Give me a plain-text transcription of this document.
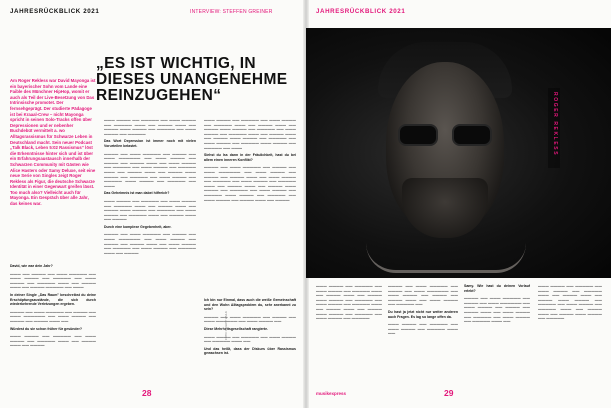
JAHRESRÜCKBLICK 2021	INTERVIEW: STEFFEN GREINER
„ES IST WICHTIG, IN DIESES UNANGENEHME REINZUGEHEN“
Am Roger Rekless war David Mayonga ist ein bayerischer Sohn vom Lande eine Faible des Münchner HipHop, womit er auch als Teil der Live-Besetzung von Das Intrinsische promotet. Der fernsehgeprägt. Der studierte Pädagoge ist bei Kraaal-Crew – nicht Mayonga spricht in seinen Solo-Tracks offen über Depressionen und er nebenher Buchdebüt vermittelt a. wo Alltagsrassismus für Schwarze Leben in Deutschland macht. Sein neuer Podcast „Talk Black, Leben 5:02 Rassismus“ löst die Erkenntnisse hinter sich und ist über ein Erfahrungsaustausch innerhalb der Schwarzen Community mit Gästen wie Alice Hasters oder Samy Deluxe, seit eine neue Serie von Singles zeigt Roger Rekless als Figur, die deutsche Schwarze Identität in einer Gegenwart greifen lässt. Too much also? Vielleicht auch für Mayonga. Ein Gespräch über alle Jahr, das keines war.
David, wie war dein Jahr?
▬▬▬ ▬▬ ▬▬▬▬ ▬▬ ▬▬▬ ▬▬▬▬▬ ▬▬ ▬▬▬ ▬▬▬▬ ▬▬ ▬▬▬▬▬ ▬▬ ▬▬▬ ▬▬▬▬ ▬▬ ▬▬▬▬▬ ▬▬▬ ▬▬ ▬▬▬▬ ▬▬▬ ▬▬ ▬▬▬▬ ▬▬▬▬▬ ▬▬ ▬▬▬
In deiner Single „Das Raum" beschreibst du deine Erschöpfungszustände, die sich durch wiederkehrende Verletzungen ergeben.
▬▬▬▬ ▬▬ ▬▬▬ ▬▬▬▬▬ ▬▬ ▬▬▬▬ ▬▬ ▬▬▬ ▬▬▬▬▬▬ ▬▬ ▬▬▬ ▬▬▬▬ ▬▬ ▬▬▬▬ ▬▬ ▬▬▬▬ ▬▬▬ ▬▬
Würdest du sie schon früher für gesünder?
▬▬▬ ▬▬▬▬ ▬▬ ▬▬▬▬▬ ▬▬ ▬▬▬ ▬▬▬▬ ▬▬ ▬▬▬▬▬ ▬▬▬ ▬▬ ▬▬▬▬ ▬▬▬ ▬▬ ▬▬▬▬
▬▬▬ ▬▬▬▬ ▬▬ ▬▬▬▬▬ ▬▬ ▬▬▬ ▬▬▬▬ ▬▬ ▬▬▬▬▬ ▬▬▬ ▬▬ ▬▬▬▬ ▬▬▬ ▬▬ ▬▬▬▬ ▬▬▬ ▬▬▬▬ ▬▬ ▬▬▬▬▬ ▬▬ ▬▬▬ ▬▬▬▬ ▬▬ ▬▬▬▬▬
Das Wort Depression ist immer noch mit vielen Vorurteilen belastet.
▬▬▬▬ ▬▬ ▬▬▬ ▬▬▬▬▬ ▬▬ ▬▬▬▬ ▬▬ ▬▬▬ ▬▬▬▬▬▬ ▬▬ ▬▬▬ ▬▬▬▬ ▬▬ ▬▬▬▬ ▬▬ ▬▬▬▬ ▬▬▬ ▬▬ ▬▬▬ ▬▬▬▬ ▬▬ ▬▬▬▬▬ ▬▬ ▬▬▬ ▬▬▬▬ ▬▬ ▬▬▬▬▬ ▬▬▬ ▬▬ ▬▬▬▬ ▬▬▬ ▬▬ ▬▬▬▬ ▬▬▬ ▬▬▬▬ ▬▬ ▬▬▬▬▬ ▬▬ ▬▬▬ ▬▬▬▬ ▬▬ ▬▬▬▬▬ ▬▬▬ ▬▬▬▬ ▬▬ ▬▬▬▬▬ ▬▬ ▬▬▬
Das Geheimnis ist man dabei hilfreich?
▬▬▬ ▬▬▬▬ ▬▬ ▬▬▬▬▬ ▬▬ ▬▬▬ ▬▬▬▬ ▬▬ ▬▬▬▬▬ ▬▬▬ ▬▬ ▬▬▬▬ ▬▬▬ ▬▬ ▬▬▬▬ ▬▬▬ ▬▬▬▬ ▬▬ ▬▬▬▬▬ ▬▬ ▬▬▬ ▬▬▬▬ ▬▬ ▬▬▬▬▬ ▬▬▬ ▬▬ ▬▬▬▬ ▬▬▬ ▬▬ ▬▬▬▬
Durch eine komplexe Gegebenheit, aber.
▬▬▬▬ ▬▬ ▬▬▬ ▬▬▬▬▬ ▬▬ ▬▬▬▬ ▬▬ ▬▬▬ ▬▬▬▬▬▬ ▬▬ ▬▬▬ ▬▬▬▬ ▬▬ ▬▬▬▬ ▬▬ ▬▬▬▬ ▬▬▬ ▬▬ ▬▬▬ ▬▬▬▬ ▬▬ ▬▬▬▬▬ ▬▬ ▬▬▬ ▬▬▬▬ ▬▬ ▬▬▬▬▬ ▬▬▬ ▬▬ ▬▬▬▬
▬▬▬ ▬▬▬▬ ▬▬ ▬▬▬▬▬ ▬▬ ▬▬▬ ▬▬▬▬ ▬▬ ▬▬▬▬▬ ▬▬▬ ▬▬ ▬▬▬▬ ▬▬▬ ▬▬ ▬▬▬▬ ▬▬▬ ▬▬▬▬ ▬▬ ▬▬▬▬▬ ▬▬ ▬▬▬ ▬▬▬▬ ▬▬ ▬▬▬▬▬ ▬▬▬ ▬▬ ▬▬▬▬ ▬▬▬ ▬▬ ▬▬▬▬ ▬▬▬ ▬▬▬▬ ▬▬ ▬▬▬▬▬ ▬▬ ▬▬▬ ▬▬▬▬ ▬▬ ▬▬▬▬▬ ▬▬▬ ▬▬▬▬ ▬▬ ▬▬▬▬▬ ▬▬ ▬▬▬
Siehst du Iss dann in der Fräulichkeit, hast du bei allem einen inneren Konflikt?
▬▬▬▬ ▬▬ ▬▬▬ ▬▬▬▬▬ ▬▬ ▬▬▬▬ ▬▬ ▬▬▬ ▬▬▬▬▬▬ ▬▬ ▬▬▬ ▬▬▬▬ ▬▬ ▬▬▬▬ ▬▬ ▬▬▬▬ ▬▬▬ ▬▬ ▬▬▬ ▬▬▬▬ ▬▬ ▬▬▬▬▬ ▬▬ ▬▬▬ ▬▬▬▬ ▬▬ ▬▬▬▬▬ ▬▬▬ ▬▬ ▬▬▬▬ ▬▬▬ ▬▬ ▬▬▬▬ ▬▬▬ ▬▬▬▬ ▬▬ ▬▬▬▬▬ ▬▬ ▬▬▬ ▬▬▬▬ ▬▬ ▬▬▬▬▬ ▬▬▬ ▬▬▬▬ ▬▬ ▬▬▬▬▬ ▬▬ ▬▬▬ ▬▬▬▬ ▬▬ ▬▬▬▬ ▬▬▬ ▬▬ ▬▬▬▬
28
JAHRESRÜCKBLICK 2021
ROGER REKLESS
▬▬▬ ▬▬▬▬ ▬▬ ▬▬▬▬▬ ▬▬ ▬▬▬ ▬▬▬▬ ▬▬ ▬▬▬▬▬ ▬▬▬ ▬▬ ▬▬▬▬ ▬▬▬ ▬▬ ▬▬▬▬ ▬▬▬ ▬▬▬▬ ▬▬ ▬▬▬▬▬ ▬▬ ▬▬▬ ▬▬▬▬ ▬▬ ▬▬▬▬▬ ▬▬▬ ▬▬ ▬▬▬▬ ▬▬▬ ▬▬ ▬▬▬▬ ▬▬▬ ▬▬▬▬ ▬▬ ▬▬▬▬▬ ▬▬ ▬▬▬ ▬▬▬▬ ▬▬ ▬▬▬▬▬
▬▬▬▬ ▬▬ ▬▬▬ ▬▬▬▬▬ ▬▬ ▬▬▬▬ ▬▬ ▬▬▬ ▬▬▬▬▬▬ ▬▬ ▬▬▬ ▬▬▬▬ ▬▬ ▬▬▬▬ ▬▬ ▬▬▬▬ ▬▬▬ ▬▬ ▬▬▬ ▬▬▬▬ ▬▬ ▬▬▬▬▬ ▬▬
Du hast ja jetzt nicht nur weiter anderen auch Fragen. Es lag so lange offen da.
▬▬▬ ▬▬▬▬ ▬▬ ▬▬▬▬▬ ▬▬ ▬▬▬ ▬▬▬▬ ▬▬ ▬▬▬▬▬ ▬▬▬ ▬▬
Samy. Wie hast du deinen Vorlauf erlebt?
▬▬▬▬ ▬▬ ▬▬▬ ▬▬▬▬▬ ▬▬ ▬▬▬▬ ▬▬ ▬▬▬ ▬▬▬▬▬▬ ▬▬ ▬▬▬ ▬▬▬▬ ▬▬ ▬▬▬▬ ▬▬ ▬▬▬▬ ▬▬▬ ▬▬ ▬▬▬ ▬▬▬▬ ▬▬ ▬▬▬▬▬ ▬▬ ▬▬▬ ▬▬▬▬ ▬▬ ▬▬▬▬▬ ▬▬▬ ▬▬
▬▬▬ ▬▬▬▬ ▬▬ ▬▬▬▬▬ ▬▬ ▬▬▬ ▬▬▬▬ ▬▬ ▬▬▬▬▬ ▬▬▬ ▬▬ ▬▬▬▬ ▬▬▬ ▬▬ ▬▬▬▬ ▬▬▬ ▬▬▬▬ ▬▬ ▬▬▬▬▬ ▬▬ ▬▬▬ ▬▬▬▬ ▬▬ ▬▬▬▬▬ ▬▬▬ ▬▬ ▬▬▬▬ ▬▬▬ ▬▬ ▬▬▬▬ ▬▬▬ ▬▬▬▬ ▬▬ ▬▬▬▬▬
musikexpress	29
Ich bin nur Einmal, dass auch die weiße Gemeinschaft und den Wohn Alltagsproblem du, sehr anerkannt zu sein?
▬▬▬▬ ▬▬ ▬▬▬ ▬▬▬▬▬ ▬▬ ▬▬▬▬ ▬▬ ▬▬▬ ▬▬▬▬▬▬ ▬▬ ▬▬▬ ▬▬▬▬ ▬▬
Diese Mehrheitsgesellschaft rangierte.
▬▬▬ ▬▬▬▬ ▬▬ ▬▬▬▬▬ ▬▬ ▬▬▬ ▬▬▬▬ ▬▬ ▬▬▬▬▬ ▬▬▬ ▬▬
Und das heißt, dass der Diskurs über Rassismus gewachsen ist.
FOTO: PHILIPP WULK
